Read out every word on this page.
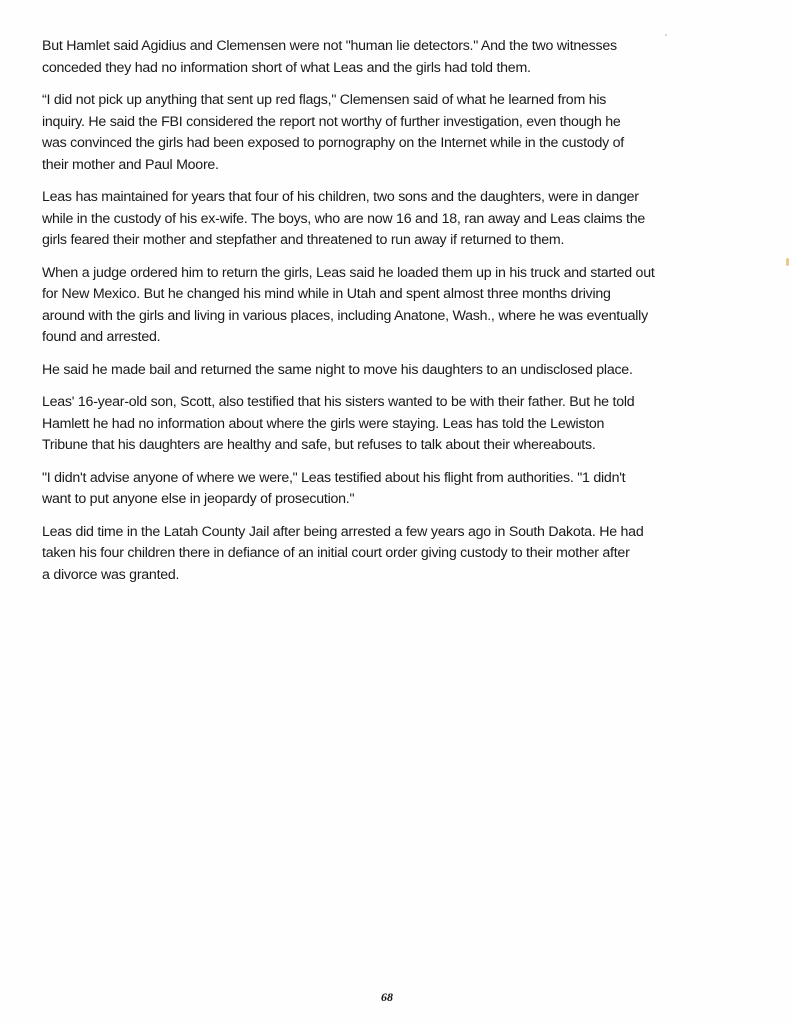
But Hamlet said Agidius and Clemensen were not "human lie detectors." And the two witnesses
conceded they had no information short of what Leas and the girls had told them.

“I did not pick up anything that sent up red flags," Clemensen said of what he learned from his
inquiry. He said the FBI considered the report not worthy of further investigation, even though he
was convinced the girls had been exposed to pornography on the Internet while in the custody of
their mother and Paul Moore.

Leas has maintained for years that four of his children, two sons and the daughters, were in danger
while in the custody of his ex-wife. The boys, who are now 16 and 18, ran away and Leas claims the
girls feared their mother and stepfather and threatened to run away if returned to them.

When a judge ordered him to return the girls, Leas said he loaded them up in his truck and started out
for New Mexico. But he changed his mind while in Utah and spent almost three months driving
around with the girls and living in various places, including Anatone, Wash., where he was eventually
found and arrested.

He said he made bail and returned the same night to move his daughters to an undisclosed place.

Leas' 16-year-old son, Scott, also testified that his sisters wanted to be with their father. But he told
Hamlett he had no information about where the girls were staying. Leas has told the Lewiston
Tribune that his daughters are healthy and safe, but refuses to talk about their whereabouts.

"I didn't advise anyone of where we were," Leas testified about his flight from authorities. "1 didn't
want to put anyone else in jeopardy of prosecution."

Leas did time in the Latah County Jail after being arrested a few years ago in South Dakota. He had
taken his four children there in defiance of an initial court order giving custody to their mother after
a divorce was granted.

68
